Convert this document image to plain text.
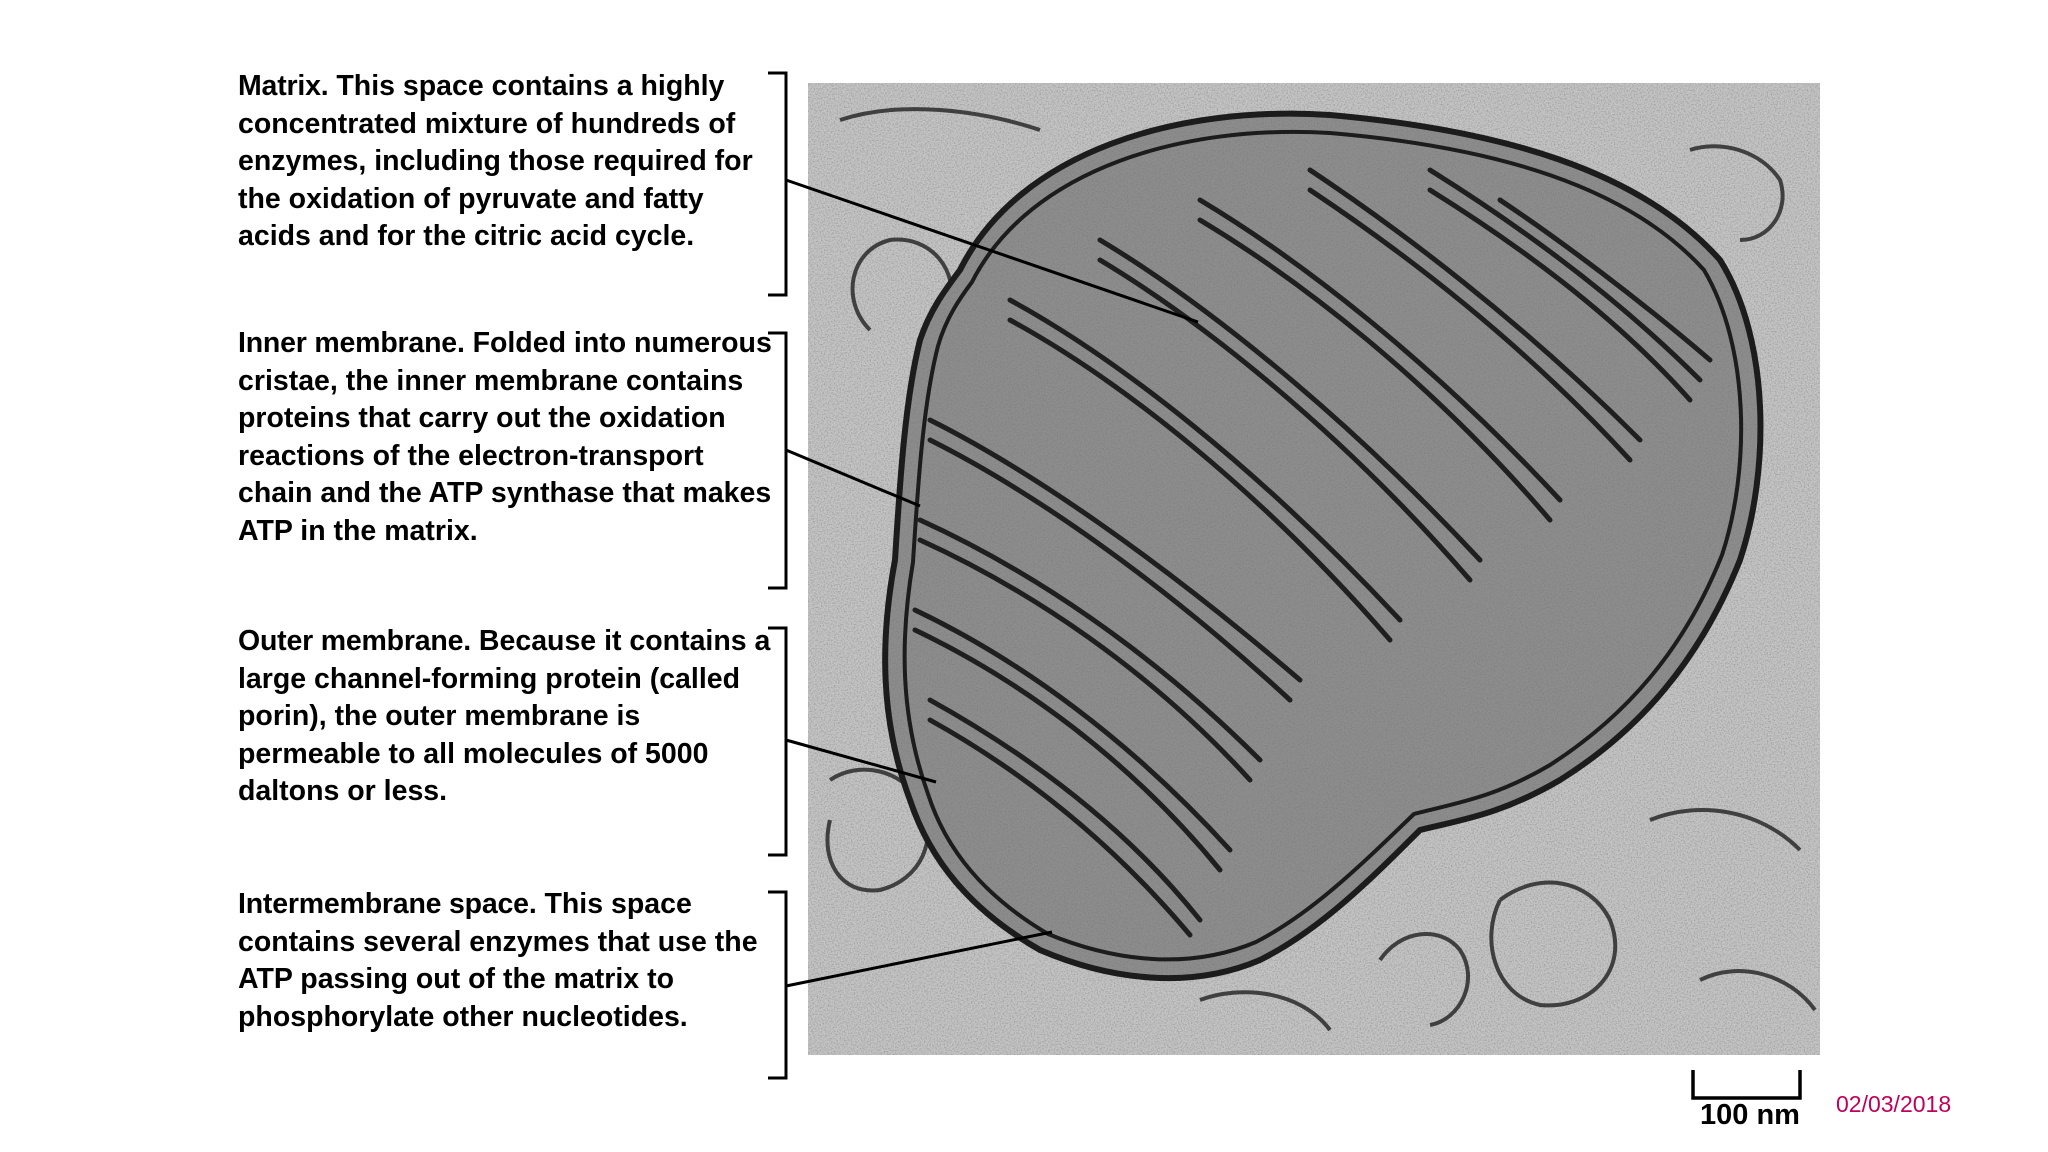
Matrix. This space contains a highly concentrated mixture of hundreds of enzymes, including those required for the oxidation of pyruvate and fatty acids and for the citric acid cycle.

Inner membrane. Folded into numerous cristae, the inner membrane contains proteins that carry out the oxidation reactions of the electron-transport chain and the ATP synthase that makes ATP in the matrix.

Outer membrane. Because it contains a large channel-forming protein (called porin), the outer membrane is permeable to all molecules of 5000 daltons or less.

Intermembrane space. This space contains several enzymes that use the ATP passing out of the matrix to phosphorylate other nucleotides.

100 nm	02/03/2018
